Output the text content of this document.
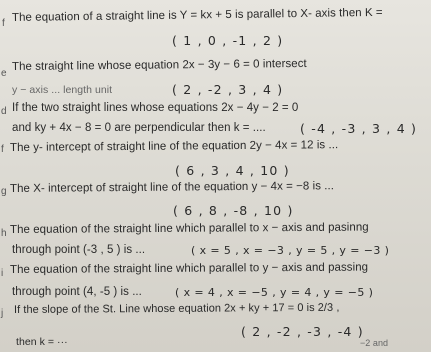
f The equation of a straight line is Y = kx + 5 is parallel to X- axis then K =
( 1 , 0 , -1 , 2 )
e
The straight line whose equation 2x − 3y − 6 = 0 intersect
y − axis ... length unit	( 2 , -2 , 3 , 4 )
d If the two straight lines whose equations 2x − 4y − 2 = 0
and ky + 4x − 8 = 0 are perpendicular then k = ....	( -4 , -3 , 3 , 4 )
f The y- intercept of straight line of the equation 2y − 4x = 12 is ...
( 6 , 3 , 4 , 10 )
g The X- intercept of straight line of the equation y − 4x = −8 is ...
( 6 , 8 , -8 , 10 )
h The equation of the straight line which parallel to x − axis and pasinng
through point (-3 , 5 ) is ...	( x = 5 , x = −3 , y = 5 , y = −3 )
i The equation of the straight line which parallel to y − axis and passing
through point (4, -5 ) is ...	( x = 4 , x = −5 , y = 4 , y = −5 )
j If the slope of the St. Line whose equation 2x + ky + 17 = 0 is 2/3 ,
( 2 , -2 , -3 , -4 )
then k = ···	−2 and
